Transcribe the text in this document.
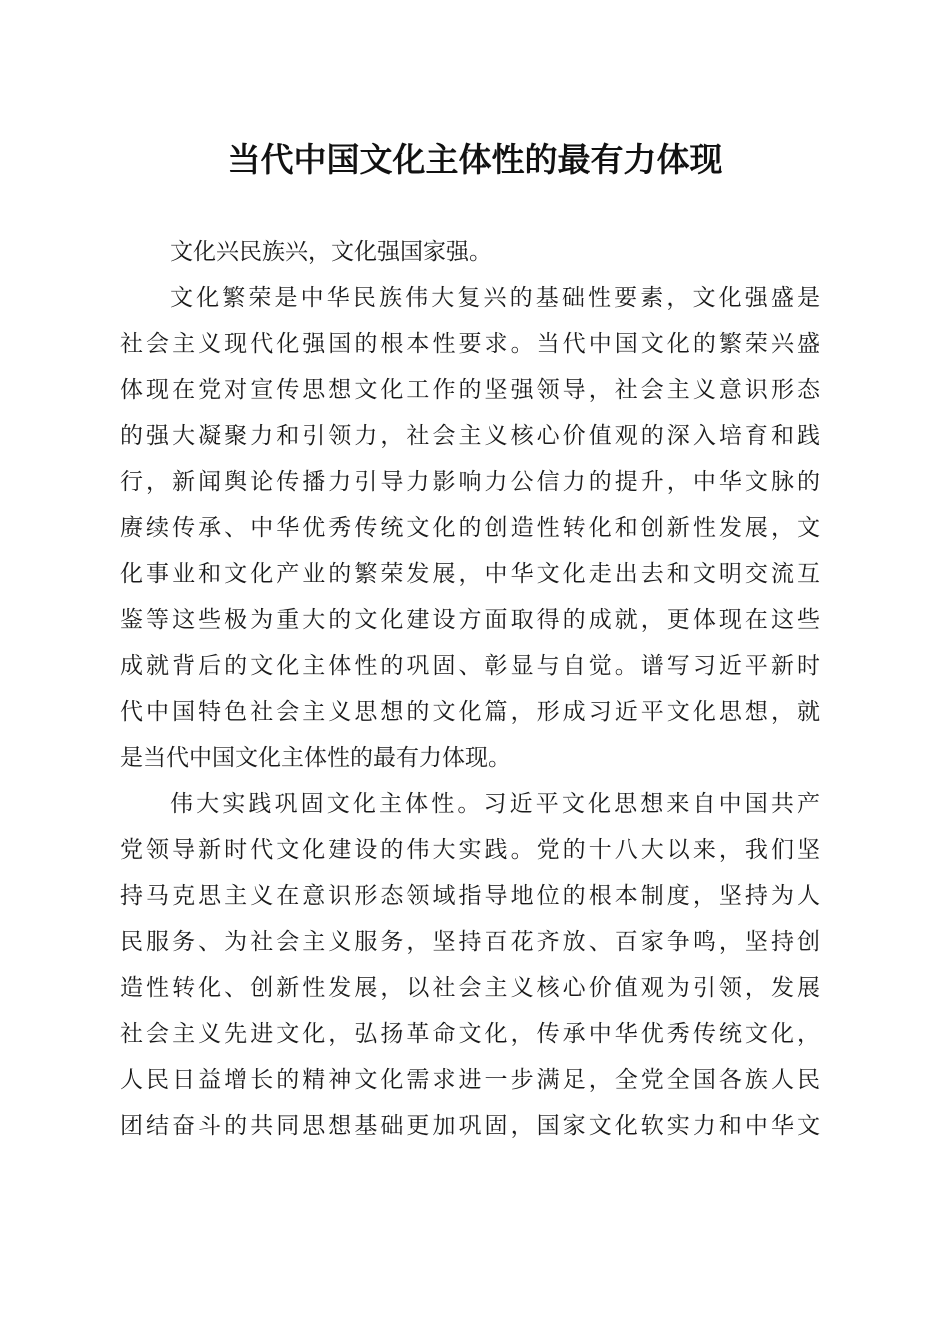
当代中国文化主体性的最有力体现
文化兴民族兴，文化强国家强。
文化繁荣是中华民族伟大复兴的基础性要素，文化强盛是
社会主义现代化强国的根本性要求。当代中国文化的繁荣兴盛
体现在党对宣传思想文化工作的坚强领导，社会主义意识形态
的强大凝聚力和引领力，社会主义核心价值观的深入培育和践
行，新闻舆论传播力引导力影响力公信力的提升，中华文脉的
赓续传承、中华优秀传统文化的创造性转化和创新性发展，文
化事业和文化产业的繁荣发展，中华文化走出去和文明交流互
鉴等这些极为重大的文化建设方面取得的成就，更体现在这些
成就背后的文化主体性的巩固、彰显与自觉。谱写习近平新时
代中国特色社会主义思想的文化篇，形成习近平文化思想，就
是当代中国文化主体性的最有力体现。
伟大实践巩固文化主体性。习近平文化思想来自中国共产
党领导新时代文化建设的伟大实践。党的十八大以来，我们坚
持马克思主义在意识形态领域指导地位的根本制度，坚持为人
民服务、为社会主义服务，坚持百花齐放、百家争鸣，坚持创
造性转化、创新性发展，以社会主义核心价值观为引领，发展
社会主义先进文化，弘扬革命文化，传承中华优秀传统文化，
人民日益增长的精神文化需求进一步满足，全党全国各族人民
团结奋斗的共同思想基础更加巩固，国家文化软实力和中华文
